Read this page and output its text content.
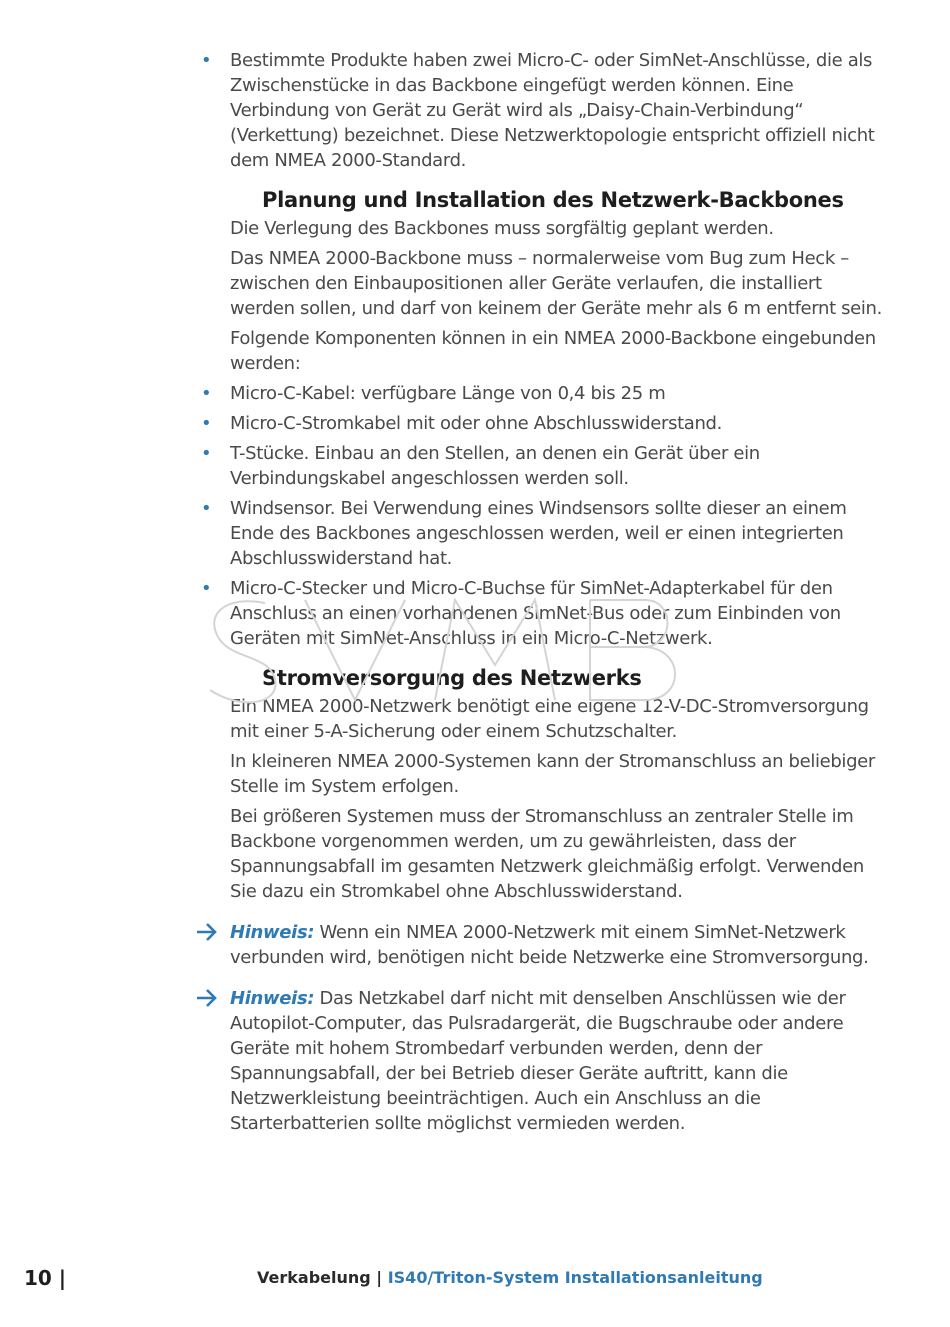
• Bestimmte Produkte haben zwei Micro-C- oder SimNet-Anschlüsse, die als Zwischenstücke in das Backbone eingefügt werden können. Eine Verbindung von Gerät zu Gerät wird als „Daisy-Chain-Verbindung“ (Verkettung) bezeichnet. Diese Netzwerktopologie entspricht offiziell nicht dem NMEA 2000-Standard.
Planung und Installation des Netzwerk-Backbones
Die Verlegung des Backbones muss sorgfältig geplant werden.
Das NMEA 2000-Backbone muss – normalerweise vom Bug zum Heck – zwischen den Einbaupositionen aller Geräte verlaufen, die installiert werden sollen, und darf von keinem der Geräte mehr als 6 m entfernt sein.
Folgende Komponenten können in ein NMEA 2000-Backbone eingebunden werden:
• Micro-C-Kabel: verfügbare Länge von 0,4 bis 25 m
• Micro-C-Stromkabel mit oder ohne Abschlusswiderstand.
• T-Stücke. Einbau an den Stellen, an denen ein Gerät über ein Verbindungskabel angeschlossen werden soll.
• Windsensor. Bei Verwendung eines Windsensors sollte dieser an einem Ende des Backbones angeschlossen werden, weil er einen integrierten Abschlusswiderstand hat.
• Micro-C-Stecker und Micro-C-Buchse für SimNet-Adapterkabel für den Anschluss an einen vorhandenen SimNet-Bus oder zum Einbinden von Geräten mit SimNet-Anschluss in ein Micro-C-Netzwerk.
Stromversorgung des Netzwerks
Ein NMEA 2000-Netzwerk benötigt eine eigene 12-V-DC-Stromversorgung mit einer 5-A-Sicherung oder einem Schutzschalter.
In kleineren NMEA 2000-Systemen kann der Stromanschluss an beliebiger Stelle im System erfolgen.
Bei größeren Systemen muss der Stromanschluss an zentraler Stelle im Backbone vorgenommen werden, um zu gewährleisten, dass der Spannungsabfall im gesamten Netzwerk gleichmäßig erfolgt. Verwenden Sie dazu ein Stromkabel ohne Abschlusswiderstand.
Hinweis: Wenn ein NMEA 2000-Netzwerk mit einem SimNet-Netzwerk verbunden wird, benötigen nicht beide Netzwerke eine Stromversorgung.
Hinweis: Das Netzkabel darf nicht mit denselben Anschlüssen wie der Autopilot-Computer, das Pulsradargerät, die Bugschraube oder andere Geräte mit hohem Strombedarf verbunden werden, denn der Spannungsabfall, der bei Betrieb dieser Geräte auftritt, kann die Netzwerkleistung beeinträchtigen. Auch ein Anschluss an die Starterbatterien sollte möglichst vermieden werden.
10 |	Verkabelung | IS40/Triton-System Installationsanleitung
